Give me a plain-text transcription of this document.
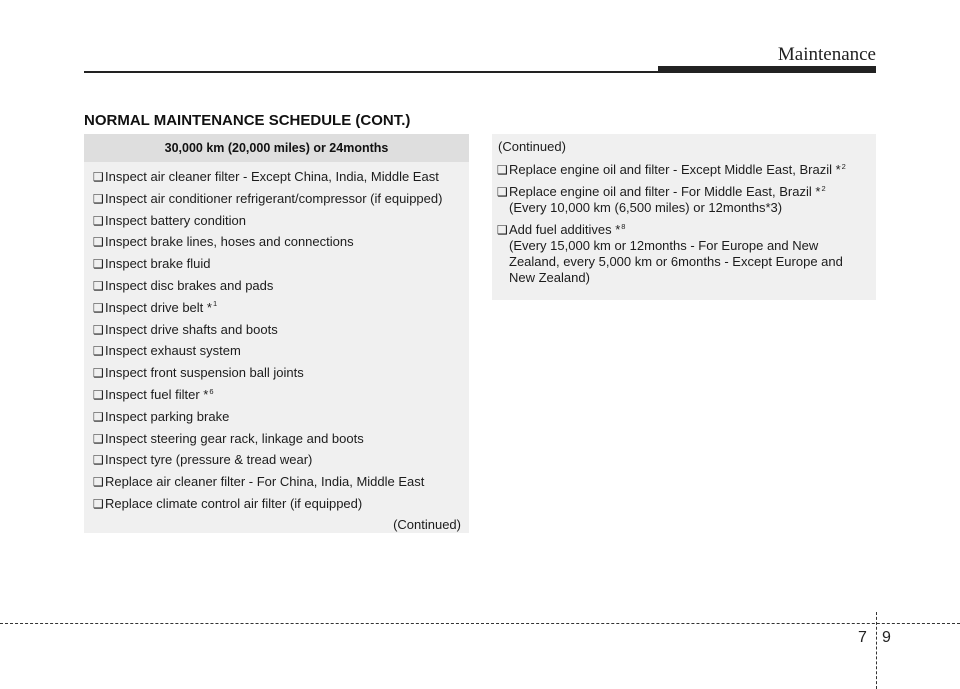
Maintenance
NORMAL MAINTENANCE SCHEDULE (CONT.)
30,000 km (20,000 miles) or 24months
❑ Inspect air cleaner filter - Except China, India, Middle East
❑ Inspect air conditioner refrigerant/compressor (if equipped)
❑ Inspect battery condition
❑ Inspect brake lines, hoses and connections
❑ Inspect brake fluid
❑ Inspect disc brakes and pads
❑ Inspect drive belt *$^1$
❑ Inspect drive shafts and boots
❑ Inspect exhaust system
❑ Inspect front suspension ball joints
❑ Inspect fuel filter *$^6$
❑ Inspect parking brake
❑ Inspect steering gear rack, linkage and boots
❑ Inspect tyre (pressure & tread wear)
❑ Replace air cleaner filter - For China, India, Middle East
❑ Replace climate control air filter (if equipped)
(Continued)
(Continued)
❑ Replace engine oil and filter - Except Middle East, Brazil *$^2$
❑ Replace engine oil and filter - For Middle East, Brazil *$^2$
(Every 10,000 km (6,500 miles) or 12months*3)
❑ Add fuel additives *$^8$
(Every 15,000 km or 12months - For Europe and New Zealand, every 5,000 km or 6months - Except Europe and New Zealand)
7 9
